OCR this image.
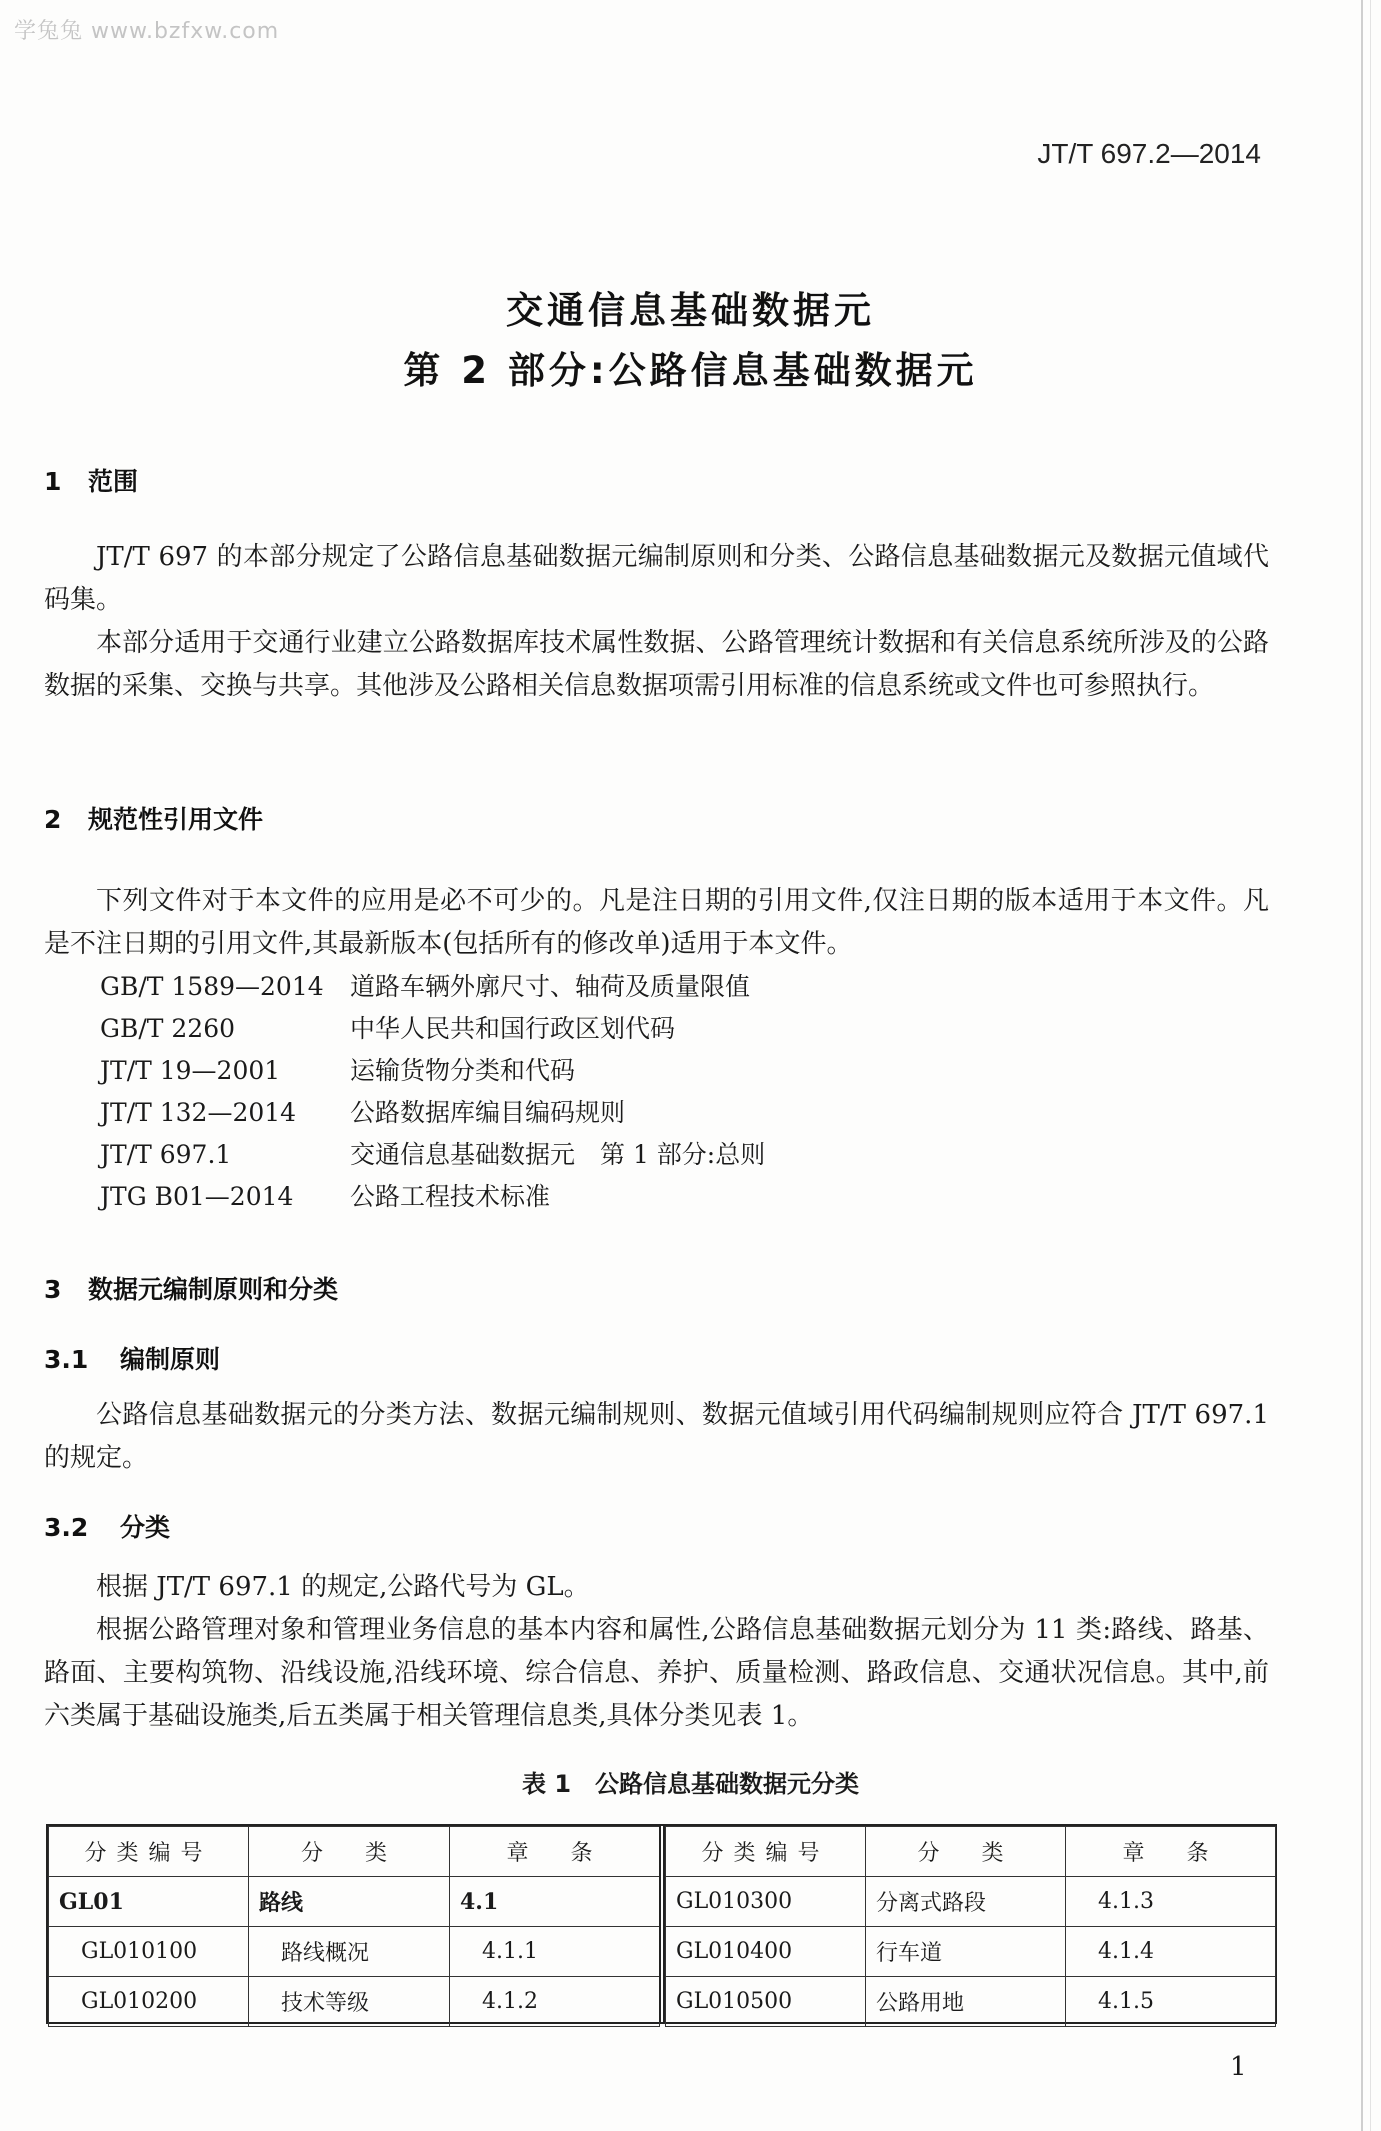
学兔兔 www.bzfxw.com
JT/T 697.2—2014
交通信息基础数据元
第 2 部分:公路信息基础数据元
1 范围
JT/T 697 的本部分规定了公路信息基础数据元编制原则和分类、公路信息基础数据元及数据元值域代码集。
本部分适用于交通行业建立公路数据库技术属性数据、公路管理统计数据和有关信息系统所涉及的公路数据的采集、交换与共享。其他涉及公路相关信息数据项需引用标准的信息系统或文件也可参照执行。
2 规范性引用文件
下列文件对于本文件的应用是必不可少的。凡是注日期的引用文件,仅注日期的版本适用于本文件。凡是不注日期的引用文件,其最新版本(包括所有的修改单)适用于本文件。
GB/T 1589—2014 道路车辆外廓尺寸、轴荷及质量限值
GB/T 2260	中华人民共和国行政区划代码
JT/T 19—2001	运输货物分类和代码
JT/T 132—2014 公路数据库编目编码规则
JT/T 697.1	交通信息基础数据元　第 1 部分:总则
JTG B01—2014 公路工程技术标准
3 数据元编制原则和分类
3.1 编制原则
公路信息基础数据元的分类方法、数据元编制规则、数据元值域引用代码编制规则应符合 JT/T 697.1 的规定。
3.2 分类
根据 JT/T 697.1 的规定,公路代号为 GL。
根据公路管理对象和管理业务信息的基本内容和属性,公路信息基础数据元划分为 11 类:路线、路基、路面、主要构筑物、沿线设施,沿线环境、综合信息、养护、质量检测、路政信息、交通状况信息。其中,前六类属于基础设施类,后五类属于相关管理信息类,具体分类见表 1。
表 1　公路信息基础数据元分类
分类编号	分　类	章　条
GL01	路线	4.1
GL010100	路线概况	4.1.1
GL010200	技术等级	4.1.2
分类编号	分　类	章　条
GL010300	分离式路段	4.1.3
GL010400	行车道	4.1.4
GL010500	公路用地	4.1.5
1
